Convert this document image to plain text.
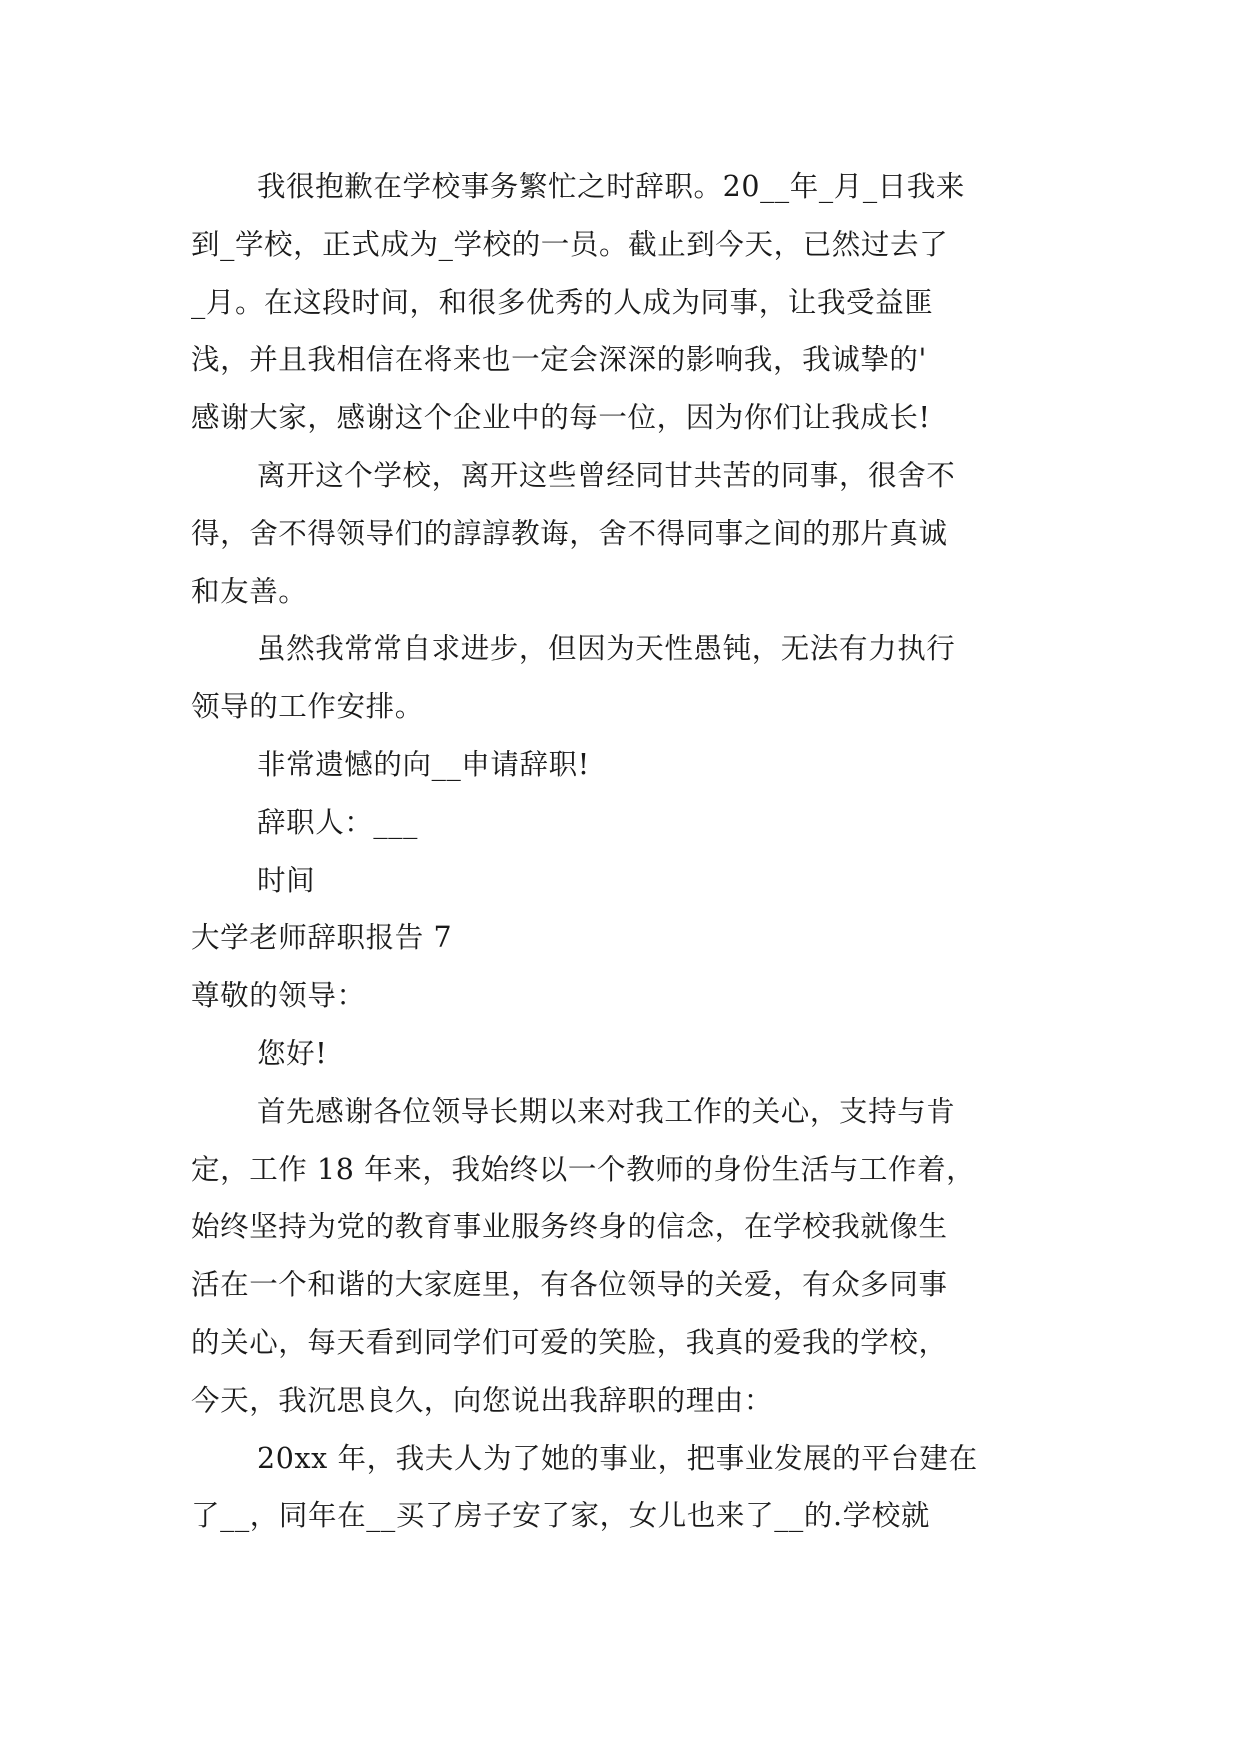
我很抱歉在学校事务繁忙之时辞职。20__年_月_日我来
到_学校，正式成为_学校的一员。截止到今天，已然过去了
_月。在这段时间，和很多优秀的人成为同事，让我受益匪
浅，并且我相信在将来也一定会深深的影响我，我诚挚的'
感谢大家，感谢这个企业中的每一位，因为你们让我成长!
离开这个学校，离开这些曾经同甘共苦的同事，很舍不
得，舍不得领导们的諄諄教诲，舍不得同事之间的那片真诚
和友善。
虽然我常常自求进步，但因为天性愚钝，无法有力执行
领导的工作安排。
非常遗憾的向__申请辞职!
辞职人：___
时间
大学老师辞职报告 7
尊敬的领导：
您好!
首先感谢各位领导长期以来对我工作的关心，支持与肯
定，工作 18 年来，我始终以一个教师的身份生活与工作着，
始终坚持为党的教育事业服务终身的信念，在学校我就像生
活在一个和谐的大家庭里，有各位领导的关爱，有众多同事
的关心，每天看到同学们可爱的笑脸，我真的爱我的学校，
今天，我沉思良久，向您说出我辞职的理由：
20xx 年，我夫人为了她的事业，把事业发展的平台建在
了__，同年在__买了房子安了家，女儿也来了__的.学校就
